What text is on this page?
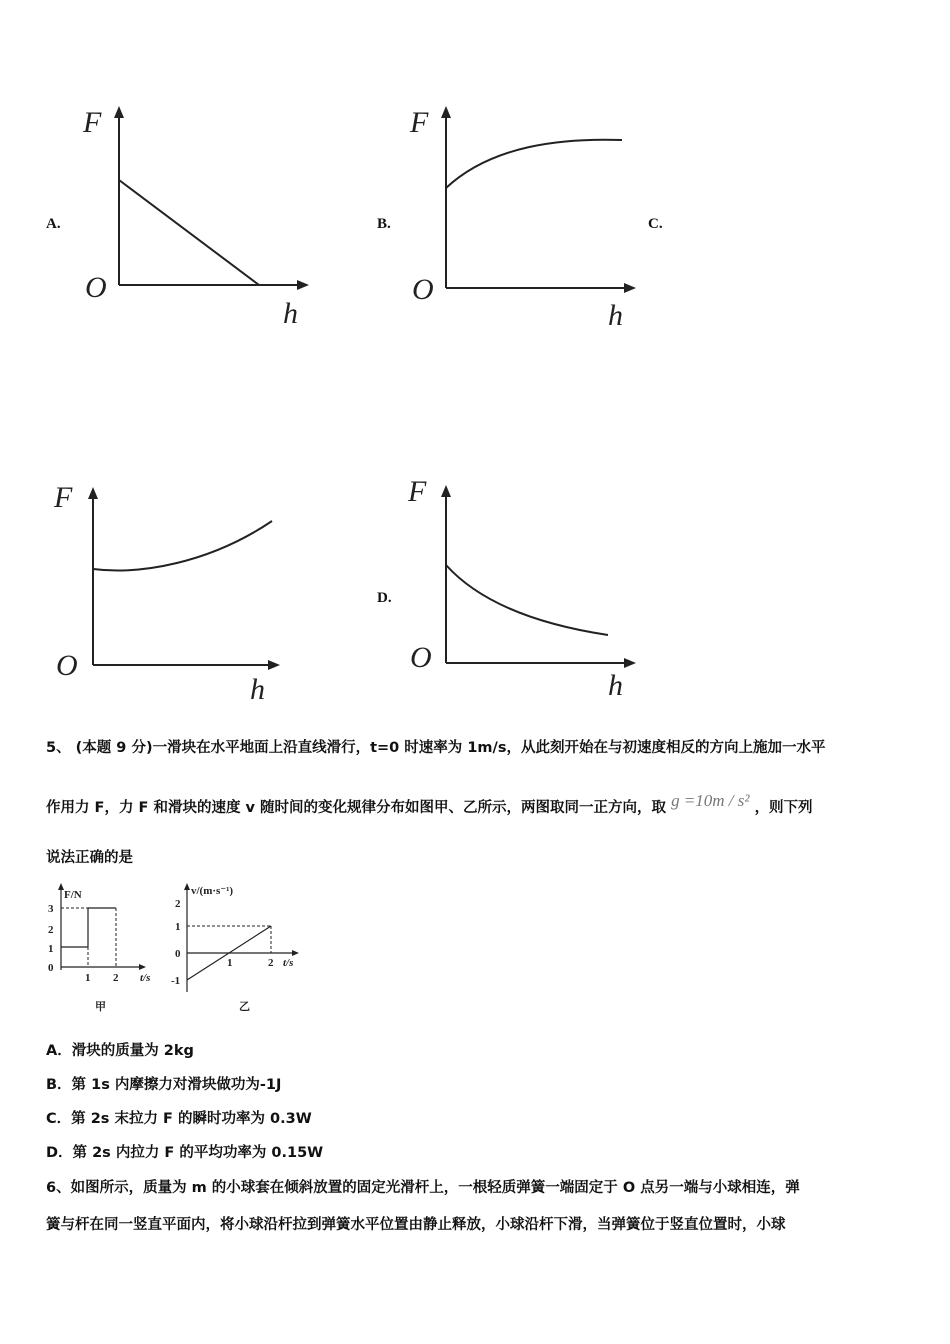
A.	B.	C.
D.
F
O
h
F
O
h
F
O
h
F
O
h
5、 (本题 9 分)一滑块在水平地面上沿直线滑行，t=0 时速率为 1m/s，从此刻开始在与初速度相反的方向上施加一水平
作用力 F，力 F 和滑块的速度 v 随时间的变化规律分布如图甲、乙所示，两图取同一正方向，取 g =10m / s² ，则下列
说法正确的是
F/N
3
2
1
0
1 2 t/s
甲
v/(m·s⁻¹)
2
1
0
-1
1	2 t/s
乙
A．滑块的质量为 2kg
B．第 1s 内摩擦力对滑块做功为-1J
C．第 2s 末拉力 F 的瞬时功率为 0.3W
D．第 2s 内拉力 F 的平均功率为 0.15W
6、如图所示，质量为 m 的小球套在倾斜放置的固定光滑杆上，一根轻质弹簧一端固定于 O 点另一端与小球相连，弹
簧与杆在同一竖直平面内，将小球沿杆拉到弹簧水平位置由静止释放，小球沿杆下滑，当弹簧位于竖直位置时，小球
